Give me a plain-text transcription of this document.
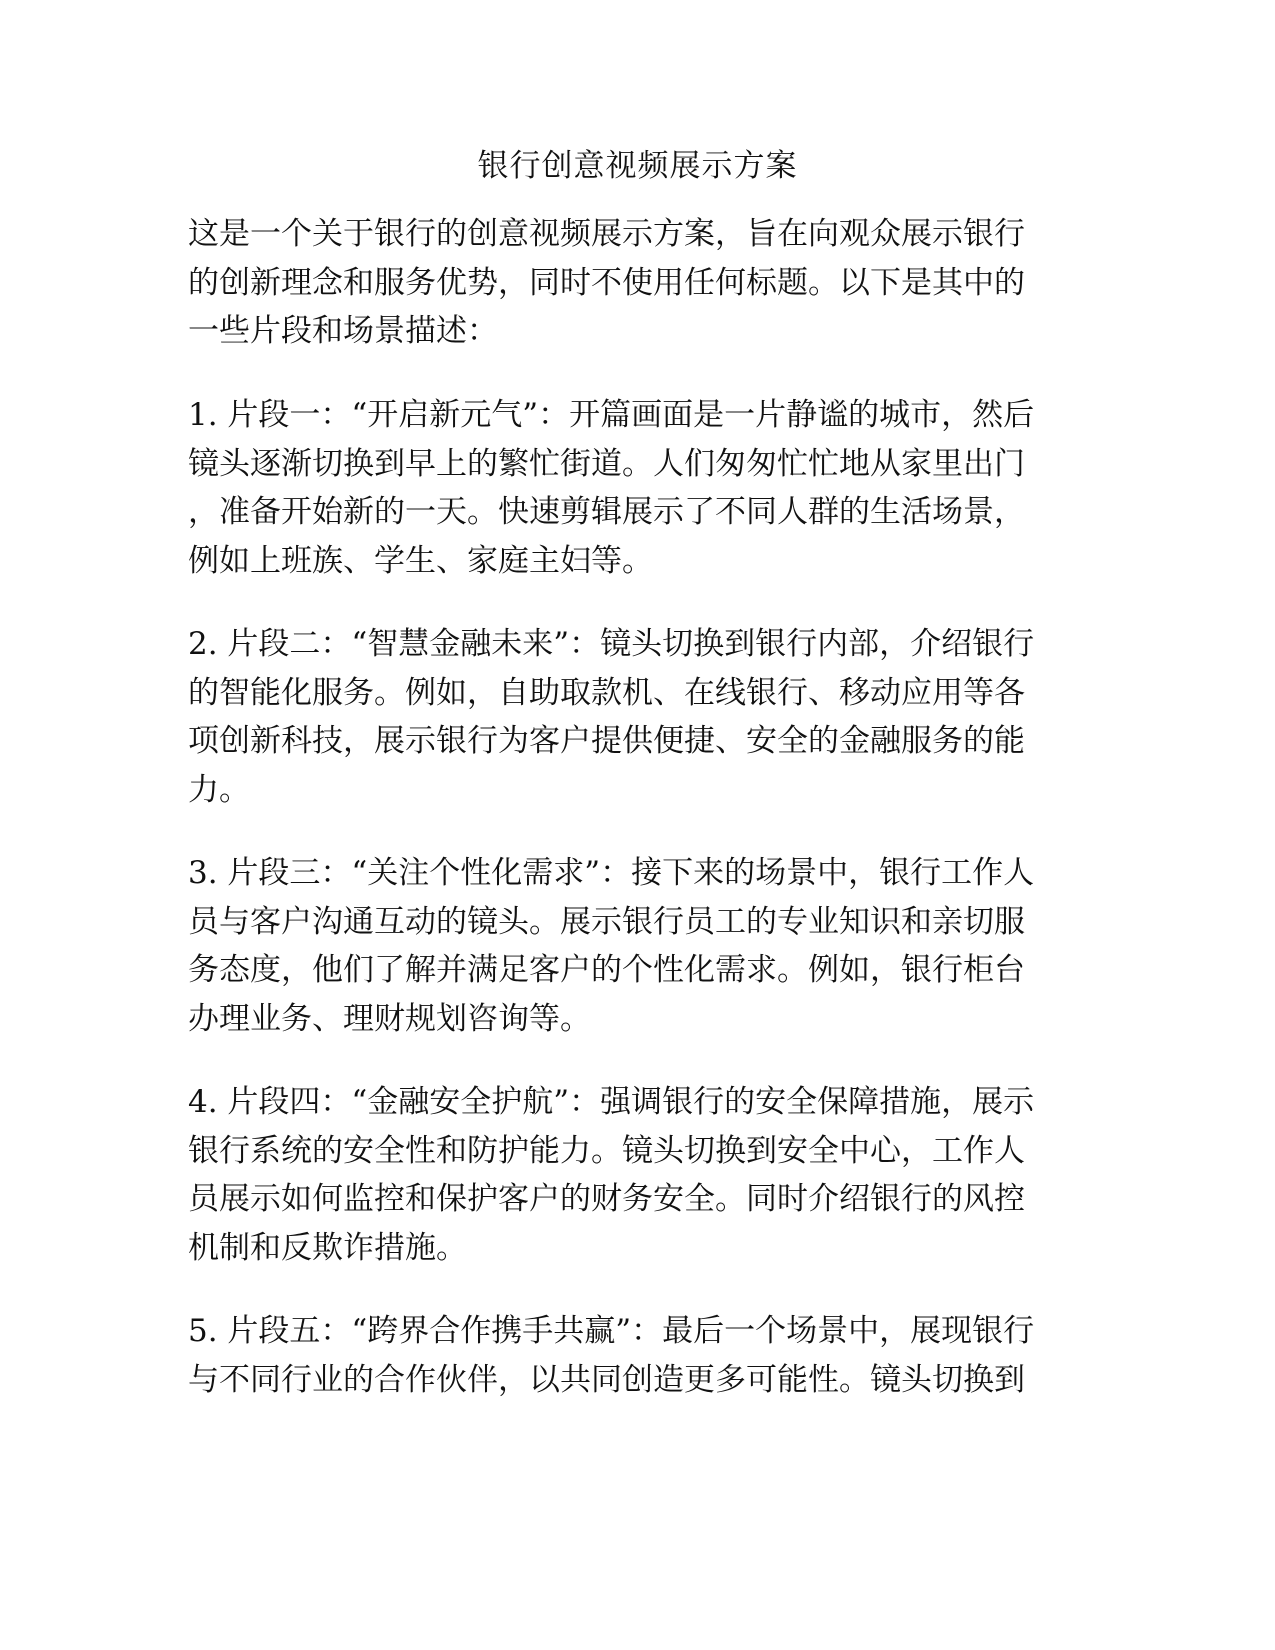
银行创意视频展示方案

这是一个关于银行的创意视频展示方案，旨在向观众展示银行
的创新理念和服务优势，同时不使用任何标题。以下是其中的
一些片段和场景描述：

1. 片段一：“开启新元气”：开篇画面是一片静谧的城市，然后
镜头逐渐切换到早上的繁忙街道。人们匆匆忙忙地从家里出门
，准备开始新的一天。快速剪辑展示了不同人群的生活场景，
例如上班族、学生、家庭主妇等。

2. 片段二：“智慧金融未来”：镜头切换到银行内部，介绍银行
的智能化服务。例如，自助取款机、在线银行、移动应用等各
项创新科技，展示银行为客户提供便捷、安全的金融服务的能
力。

3. 片段三：“关注个性化需求”：接下来的场景中，银行工作人
员与客户沟通互动的镜头。展示银行员工的专业知识和亲切服
务态度，他们了解并满足客户的个性化需求。例如，银行柜台
办理业务、理财规划咨询等。

4. 片段四：“金融安全护航”：强调银行的安全保障措施，展示
银行系统的安全性和防护能力。镜头切换到安全中心，工作人
员展示如何监控和保护客户的财务安全。同时介绍银行的风控
机制和反欺诈措施。

5. 片段五：“跨界合作携手共赢”：最后一个场景中，展现银行
与不同行业的合作伙伴，以共同创造更多可能性。镜头切换到
